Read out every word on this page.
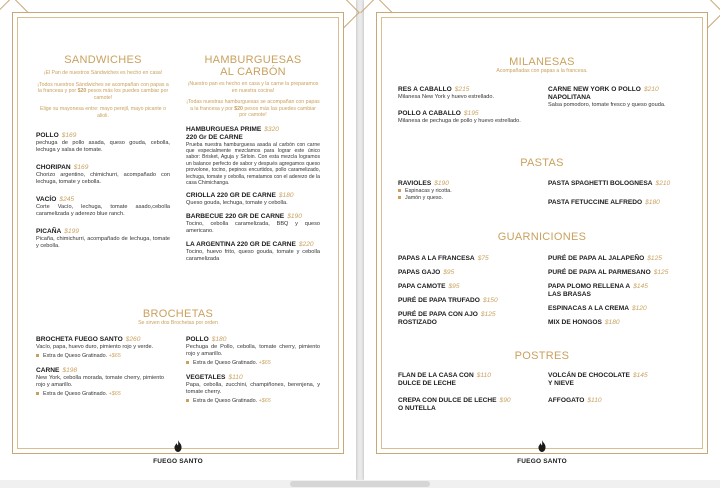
SANDWICHES
¡El Pan de nuestros Sándwiches es hecho en casa!
¡Todos nuestros Sándwiches se acompañan con papas a la francesa y por $20 pesos más los puedes cambiar por camote!
Elige su mayonesa entre: mayo perejil, mayo picante o alioli.
POLLO $169
pechuga de pollo asada, queso gouda, cebolla, lechuga y salsa de tomate.
CHORIPAN $169
Chorizo argentino, chimichurri, acompañado con lechuga, tomate y cebolla.
VACÍO $245
Corte Vacío, lechuga, tomate asado,cebolla caramelizada y aderezo blue ranch.
PICAÑA $199
Picaña, chimichurri, acompañado de lechuga, tomate y cebolla.
HAMBURGUESAS
AL CARBÓN
¡Nuestro pan es hecho en casa y la carne la preparamos en nuestra cocina!
¡Todas nuestras hamburguesas se acompañan con papas a la francesa y por $20 pesos más las puedes cambiar por camote!
HAMBURGUESA PRIME $320
220 Gr DE CARNE
Prueba nuestra hamburguesa asada al carbón con carne que especialmente mezclamos para lograr este único sabor: Brisket, Aguja y Sirloin. Con esta mezcla logramos un balance perfecto de sabor y después agregamos queso provolone, tocino, pepinos encurtidos, pollo caramelizado, lechuga, tomate y cebolla, rematamos con el aderezo de la casa Chimichanga.
CRIOLLA 220 GR DE CARNE $180
Queso gouda, lechuga, tomate y cebolla.
BARBECUE 220 GR DE CARNE $190
Tocino, cebolla caramelizada, BBQ y queso americano.
LA ARGENTINA 220 GR DE CARNE $220
Tocino, huevo frito, queso gouda, tomate y cebolla caramelizada
BROCHETAS
Se sirven dos Brochetas por orden
BROCHETA FUEGO SANTO $260
Vacío, papa, huevo duro, pimiento rojo y verde.
Extra de Queso Gratinado. +$65
CARNE $198
New York, cebolla morada, tomate cherry, pimiento rojo y amarillo.
Extra de Queso Gratinado. +$65
POLLO $180
Pechuga de Pollo, cebolla, tomate cherry, pimiento rojo y amarillo.
Extra de Queso Gratinado. +$65
VEGETALES $110
Papa, cebolla, zucchini, champiñones, berenjena, y tomate cherry.
Extra de Queso Gratinado. +$65
FUEGO SANTO
MILANESAS
Acompañadas con papas a la francesa.
RES A CABALLO $215
Milanesa New York y huevo estrellado.
POLLO A CABALLO $195
Milanesa de pechuga de pollo y huevo estrellado.
CARNE NEW YORK O POLLO $210
NAPOLITANA
Salsa pomodoro, tomate fresco y queso gouda.
PASTAS
RAVIOLES $190
Espinacas y ricotta.
Jamón y queso.
PASTA SPAGHETTI BOLOGNESA $210
PASTA FETUCCINE ALFREDO $180
GUARNICIONES
PAPAS A LA FRANCESA $75
PAPAS GAJO $95
PAPA CAMOTE $95
PURÉ DE PAPA TRUFADO $150
PURÉ DE PAPA CON AJO $125
ROSTIZADO
PURÉ DE PAPA AL JALAPEÑO $125
PURÉ DE PAPA AL PARMESANO $125
PAPA PLOMO RELLENA A $145
LAS BRASAS
ESPINACAS A LA CREMA $120
MIX DE HONGOS $180
POSTRES
FLAN DE LA CASA CON $110
DULCE DE LECHE
CREPA CON DULCE DE LECHE $90
O NUTELLA
VOLCÁN DE CHOCOLATE $145
Y NIEVE
AFFOGATO $110
FUEGO SANTO
